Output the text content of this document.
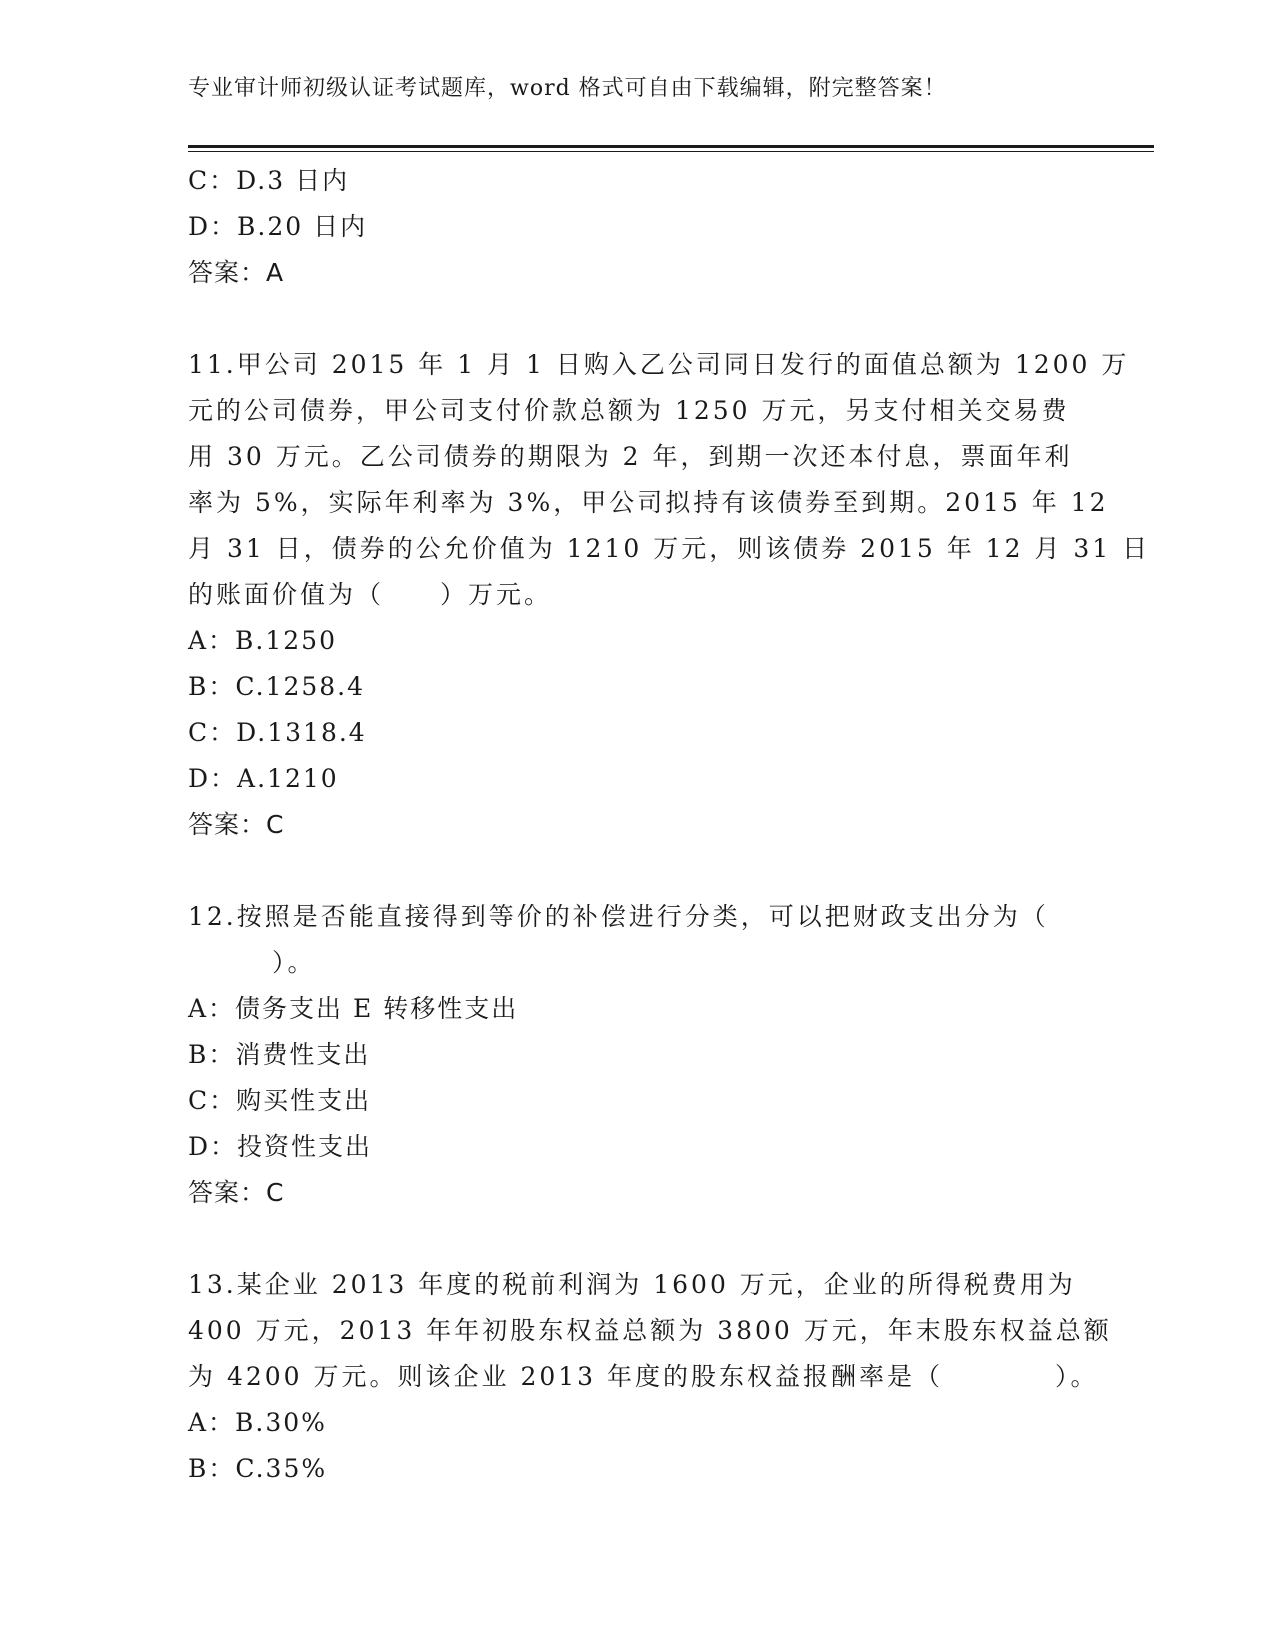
专业审计师初级认证考试题库，word 格式可自由下载编辑，附完整答案！
C：D.3 日内
D：B.20 日内
答案：A
11.甲公司 2015 年 1 月 1 日购入乙公司同日发行的面值总额为 1200 万
元的公司债券，甲公司支付价款总额为 1250 万元，另支付相关交易费
用 30 万元。乙公司债券的期限为 2 年，到期一次还本付息，票面年利
率为 5%，实际年利率为 3%，甲公司拟持有该债券至到期。2015 年 12
月 31 日，债券的公允价值为 1210 万元，则该债券 2015 年 12 月 31 日
的账面价值为（　　）万元。
A：B.1250
B：C.1258.4
C：D.1318.4
D：A.1210
答案：C
12.按照是否能直接得到等价的补偿进行分类，可以把财政支出分为（
　　　）。
A：债务支出 E 转移性支出
B：消费性支出
C：购买性支出
D：投资性支出
答案：C
13.某企业 2013 年度的税前利润为 1600 万元，企业的所得税费用为
400 万元，2013 年年初股东权益总额为 3800 万元，年末股东权益总额
为 4200 万元。则该企业 2013 年度的股东权益报酬率是（　　　　）。
A：B.30%
B：C.35%
